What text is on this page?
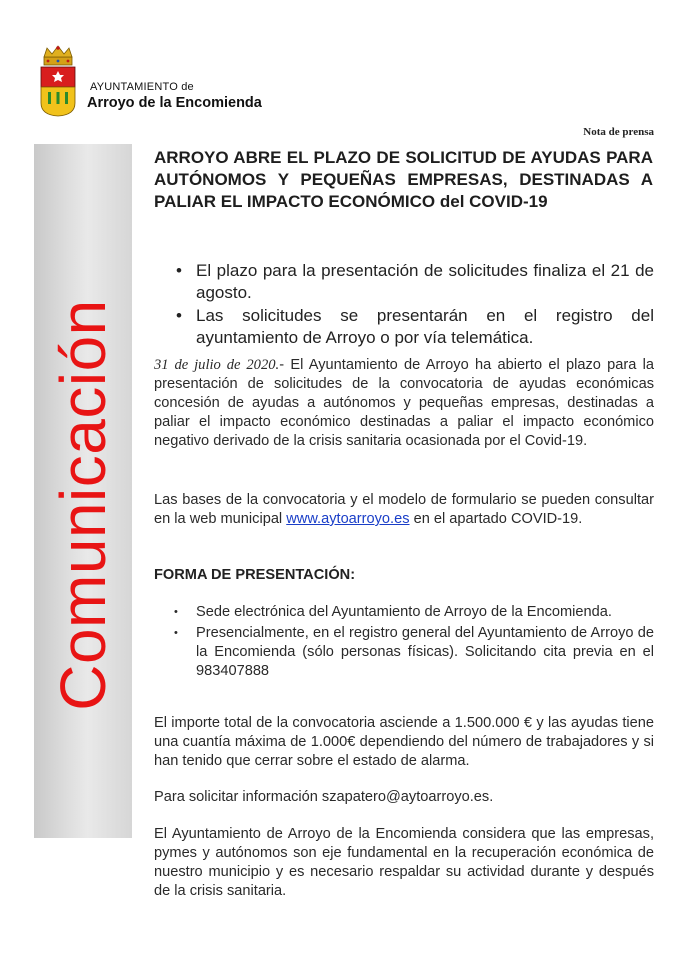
AYUNTAMIENTO de
Arroyo de la Encomienda
Comunicación
Nota de prensa
ARROYO ABRE EL PLAZO DE SOLICITUD DE AYUDAS PARA AUTÓNOMOS Y PEQUEÑAS EMPRESAS, DESTINADAS A PALIAR EL IMPACTO ECONÓMICO del COVID-19
• El plazo para la presentación de solicitudes finaliza el 21 de agosto.
• Las solicitudes se presentarán en el registro del ayuntamiento de Arroyo o por vía telemática.

31 de julio de 2020.- El Ayuntamiento de Arroyo ha abierto el plazo para la presentación de solicitudes de la convocatoria de ayudas económicas concesión de ayudas a autónomos y pequeñas empresas, destinadas a paliar el impacto económico destinadas a paliar el impacto económico negativo derivado de la crisis sanitaria ocasionada por el Covid-19.

Las bases de la convocatoria y el modelo de formulario se pueden consultar en la web municipal www.aytoarroyo.es en el apartado COVID-19.

FORMA DE PRESENTACIÓN:
• Sede electrónica del Ayuntamiento de Arroyo de la Encomienda.
• Presencialmente, en el registro general del Ayuntamiento de Arroyo de la Encomienda (sólo personas físicas). Solicitando cita previa en el 983407888

El importe total de la convocatoria asciende a 1.500.000 € y las ayudas tiene una cuantía máxima de 1.000€ dependiendo del número de trabajadores y si han tenido que cerrar sobre el estado de alarma.

Para solicitar información szapatero@aytoarroyo.es.

El Ayuntamiento de Arroyo de la Encomienda considera que las empresas, pymes y autónomos son eje fundamental en la recuperación económica de nuestro municipio y es necesario respaldar su actividad durante y después de la crisis sanitaria.
